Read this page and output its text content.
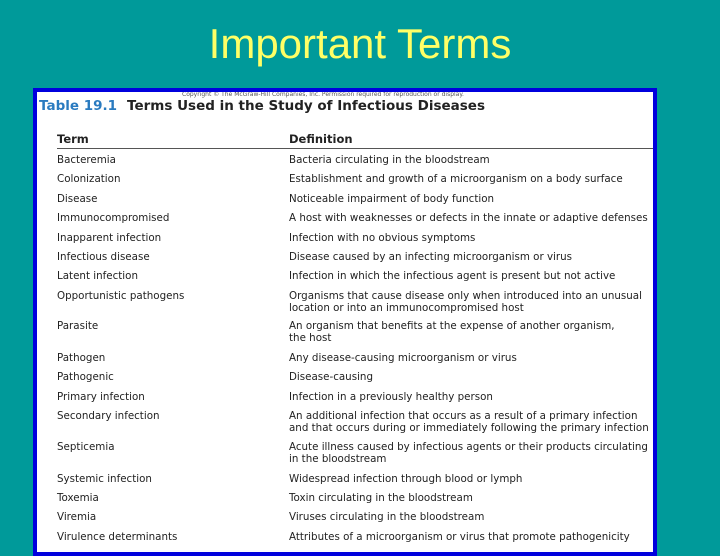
Important Terms
Copyright © The McGraw-Hill Companies, Inc. Permission required for reproduction or display.
Table 19.1 Terms Used in the Study of Infectious Diseases
Term	Definition
Bacteremia	Bacteria circulating in the bloodstream
Colonization	Establishment and growth of a microorganism on a body surface
Disease	Noticeable impairment of body function
Immunocompromised	A host with weaknesses or defects in the innate or adaptive defenses
Inapparent infection	Infection with no obvious symptoms
Infectious disease	Disease caused by an infecting microorganism or virus
Latent infection	Infection in which the infectious agent is present but not active
Opportunistic pathogens	Organisms that cause disease only when introduced into an unusual
location or into an immunocompromised host
Parasite	An organism that benefits at the expense of another organism,
the host
Pathogen	Any disease-causing microorganism or virus
Pathogenic	Disease-causing
Primary infection	Infection in a previously healthy person
Secondary infection	An additional infection that occurs as a result of a primary infection
and that occurs during or immediately following the primary infection
Septicemia	Acute illness caused by infectious agents or their products circulating
in the bloodstream
Systemic infection	Widespread infection through blood or lymph
Toxemia	Toxin circulating in the bloodstream
Viremia	Viruses circulating in the bloodstream
Virulence determinants	Attributes of a microorganism or virus that promote pathogenicity
